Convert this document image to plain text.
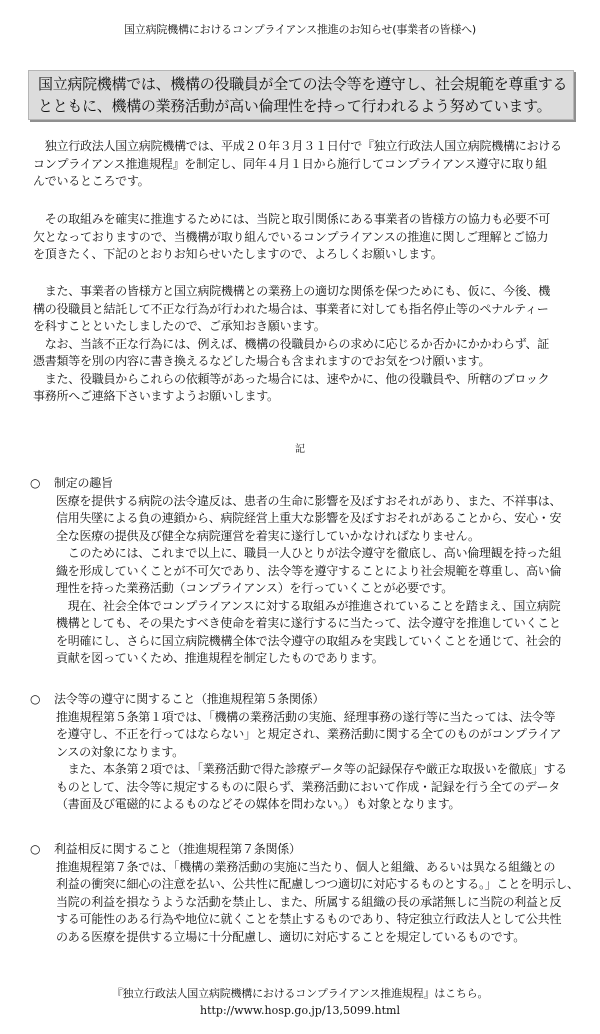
国立病院機構におけるコンプライアンス推進のお知らせ(事業者の皆様へ)
国立病院機構では、機構の役職員が全ての法令等を遵守し、社会規範を尊重する
とともに、機構の業務活動が高い倫理性を持って行われるよう努めています。
　独立行政法人国立病院機構では、平成２０年３月３１日付で『独立行政法人国立病院機構における
コンプライアンス推進規程』を制定し、同年４月１日から施行してコンプライアンス遵守に取り組
んでいるところです。
　その取組みを確実に推進するためには、当院と取引関係にある事業者の皆様方の協力も必要不可
欠となっておりますので、当機構が取り組んでいるコンプライアンスの推進に関しご理解とご協力
を頂きたく、下記のとおりお知らせいたしますので、よろしくお願いします。
　また、事業者の皆様方と国立病院機構との業務上の適切な関係を保つためにも、仮に、今後、機
構の役職員と結託して不正な行為が行われた場合は、事業者に対しても指名停止等のペナルティー
を科すことといたしましたので、ご承知おき願います。
　なお、当該不正な行為には、例えば、機構の役職員からの求めに応じるか否かにかかわらず、証
憑書類等を別の内容に書き換えるなどした場合も含まれますのでお気をつけ願います。
　また、役職員からこれらの依頼等があった場合には、速やかに、他の役職員や、所轄のブロック
事務所へご連絡下さいますようお願いします。
記
○ 制定の趣旨
医療を提供する病院の法令違反は、患者の生命に影響を及ぼすおそれがあり、また、不祥事は、
信用失墜による負の連鎖から、病院経営上重大な影響を及ぼすおそれがあることから、安心・安
全な医療の提供及び健全な病院運営を着実に遂行していかなければなりません。
　このためには、これまで以上に、職員一人ひとりが法令遵守を徹底し、高い倫理観を持った組
織を形成していくことが不可欠であり、法令等を遵守することにより社会規範を尊重し、高い倫
理性を持った業務活動（コンプライアンス）を行っていくことが必要です。
　現在、社会全体でコンプライアンスに対する取組みが推進されていることを踏まえ、国立病院
機構としても、その果たすべき使命を着実に遂行するに当たって、法令遵守を推進していくこと
を明確にし、さらに国立病院機構全体で法令遵守の取組みを実践していくことを通じて、社会的
貢献を図っていくため、推進規程を制定したものであります。
○ 法令等の遵守に関すること（推進規程第５条関係）
推進規程第５条第１項では、「機構の業務活動の実施、経理事務の遂行等に当たっては、法令等
を遵守し、不正を行ってはならない」と規定され、業務活動に関する全てのものがコンプライア
ンスの対象になります。
　また、本条第２項では、「業務活動で得た診療データ等の記録保存や厳正な取扱いを徹底」する
ものとして、法令等に規定するものに限らず、業務活動において作成・記録を行う全てのデータ
（書面及び電磁的によるものなどその媒体を問わない。）も対象となります。
○ 利益相反に関すること（推進規程第７条関係）
推進規程第７条では、「機構の業務活動の実施に当たり、個人と組織、あるいは異なる組織との
利益の衝突に細心の注意を払い、公共性に配慮しつつ適切に対応するものとする。」ことを明示し、
当院の利益を損なうような活動を禁止し、また、所属する組織の長の承諾無しに当院の利益と反
する可能性のある行為や地位に就くことを禁止するものであり、特定独立行政法人として公共性
のある医療を提供する立場に十分配慮し、適切に対応することを規定しているものです。
『独立行政法人国立病院機構におけるコンプライアンス推進規程』はこちら。
http://www.hosp.go.jp/13,5099.html
